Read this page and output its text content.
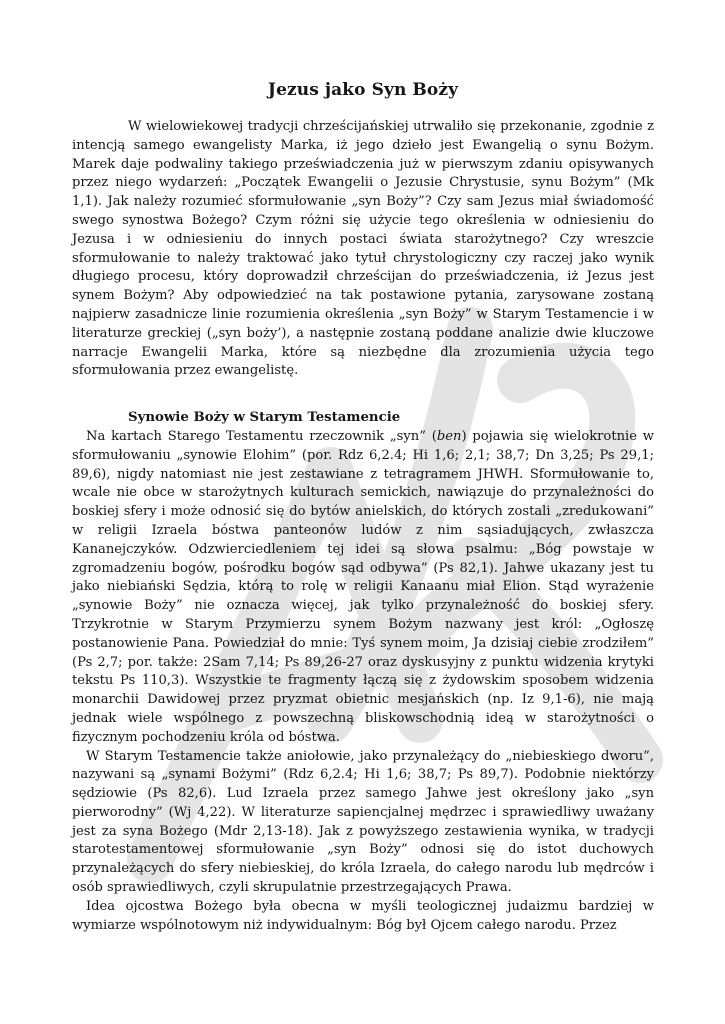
Jezus jako Syn Boży

W wielowiekowej tradycji chrześcijańskiej utrwaliło się przekonanie, zgodnie z intencją samego ewangelisty Marka, iż jego dzieło jest Ewangelią o synu Bożym. Marek daje podwaliny takiego przeświadczenia już w pierwszym zdaniu opisywanych przez niego wydarzeń: „Początek Ewangelii o Jezusie Chrystusie, synu Bożym” (Mk 1,1). Jak należy rozumieć sformułowanie „syn Boży”? Czy sam Jezus miał świadomość swego synostwa Bożego? Czym różni się użycie tego określenia w odniesieniu do Jezusa i w odniesieniu do innych postaci świata starożytnego? Czy wreszcie sformułowanie to należy traktować jako tytuł chrystologiczny czy raczej jako wynik długiego procesu, który doprowadził chrześcijan do przeświadczenia, iż Jezus jest synem Bożym? Aby odpowiedzieć na tak postawione pytania, zarysowane zostaną najpierw zasadnicze linie rozumienia określenia „syn Boży” w Starym Testamencie i w literaturze greckiej („syn boży’), a następnie zostaną poddane analizie dwie kluczowe narracje Ewangelii Marka, które są niezbędne dla zrozumienia użycia tego sformułowania przez ewangelistę.

Synowie Boży w Starym Testamencie

Na kartach Starego Testamentu rzeczownik „syn” (ben) pojawia się wielokrotnie w sformułowaniu „synowie Elohim” (por. Rdz 6,2.4; Hi 1,6; 2,1; 38,7; Dn 3,25; Ps 29,1; 89,6), nigdy natomiast nie jest zestawiane z tetragramem JHWH. Sformułowanie to, wcale nie obce w starożytnych kulturach semickich, nawiązuje do przynależności do boskiej sfery i może odnosić się do bytów anielskich, do których zostali „zredukowani” w religii Izraela bóstwa panteonów ludów z nim sąsiadujących, zwłaszcza Kananejczyków. Odzwierciedleniem tej idei są słowa psalmu: „Bóg powstaje w zgromadzeniu bogów, pośrodku bogów sąd odbywa” (Ps 82,1). Jahwe ukazany jest tu jako niebiański Sędzia, którą to rolę w religii Kanaanu miał Elion. Stąd wyrażenie „synowie Boży” nie oznacza więcej, jak tylko przynależność do boskiej sfery. Trzykrotnie w Starym Przymierzu synem Bożym nazwany jest król: „Ogłoszę postanowienie Pana. Powiedział do mnie: Tyś synem moim, Ja dzisiaj ciebie zrodziłem” (Ps 2,7; por. także: 2Sam 7,14; Ps 89,26-27 oraz dyskusyjny z punktu widzenia krytyki tekstu Ps 110,3). Wszystkie te fragmenty łączą się z żydowskim sposobem widzenia monarchii Dawidowej przez pryzmat obietnic mesjańskich (np. Iz 9,1-6), nie mają jednak wiele wspólnego z powszechną bliskowschodnią ideą w starożytności o fizycznym pochodzeniu króla od bóstwa.

W Starym Testamencie także aniołowie, jako przynależący do „niebieskiego dworu”, nazywani są „synami Bożymi” (Rdz 6,2.4; Hi 1,6; 38,7; Ps 89,7). Podobnie niektórzy sędziowie (Ps 82,6). Lud Izraela przez samego Jahwe jest określony jako „syn pierworodny” (Wj 4,22). W literaturze sapiencjalnej mędrzec i sprawiedliwy uważany jest za syna Bożego (Mdr 2,13-18). Jak z powyższego zestawienia wynika, w tradycji starotestamentowej sformułowanie „syn Boży” odnosi się do istot duchowych przynależących do sfery niebieskiej, do króla Izraela, do całego narodu lub mędrców i osób sprawiedliwych, czyli skrupulatnie przestrzegających Prawa.

Idea ojcostwa Bożego była obecna w myśli teologicznej judaizmu bardziej w wymiarze wspólnotowym niż indywidualnym: Bóg był Ojcem całego narodu. Przez
